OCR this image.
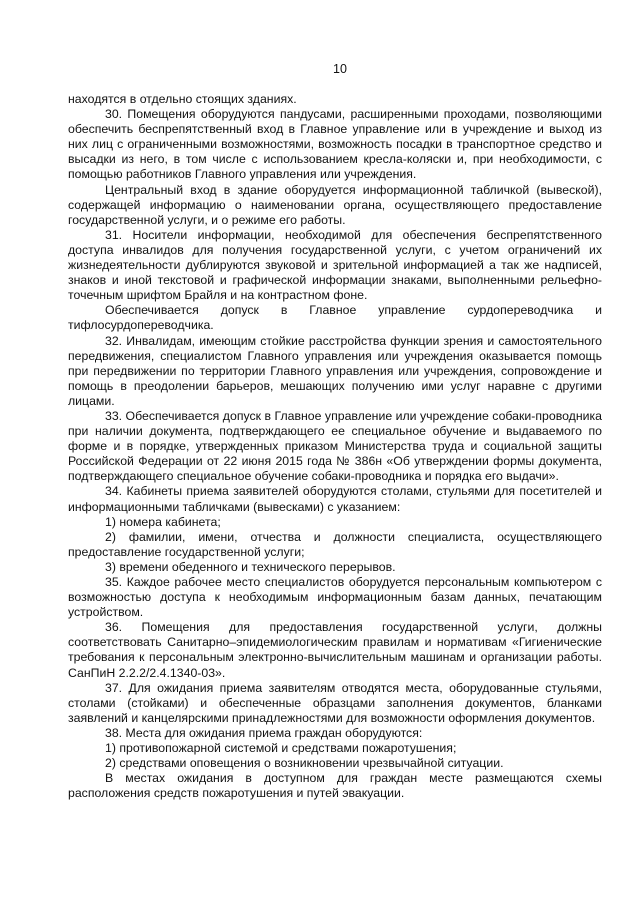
10

находятся в отдельно стоящих зданиях.

30. Помещения оборудуются пандусами, расширенными проходами, позволяющими обеспечить беспрепятственный вход в Главное управление или в учреждение и выход из них лиц с ограниченными возможностями, возможность посадки в транспортное средство и высадки из него, в том числе с использованием кресла-коляски и, при необходимости, с помощью работников Главного управления или учреждения.

Центральный вход в здание оборудуется информационной табличкой (вывеской), содержащей информацию о наименовании органа, осуществляющего предоставление государственной услуги, и о режиме его работы.

31. Носители информации, необходимой для обеспечения беспрепятственного доступа инвалидов для получения государственной услуги, с учетом ограничений их жизнедеятельности дублируются звуковой и зрительной информацией а так же надписей, знаков и иной текстовой и графической информации знаками, выполненными рельефно-точечным шрифтом Брайля и на контрастном фоне.

Обеспечивается допуск в Главное управление сурдопереводчика и тифлосурдопереводчика.

32. Инвалидам, имеющим стойкие расстройства функции зрения и самостоятельного передвижения, специалистом Главного управления или учреждения оказывается помощь при передвижении по территории Главного управления или учреждения, сопровождение и помощь в преодолении барьеров, мешающих получению ими услуг наравне с другими лицами.

33. Обеспечивается допуск в Главное управление или учреждение собаки-проводника при наличии документа, подтверждающего ее специальное обучение и выдаваемого по форме и в порядке, утвержденных приказом Министерства труда и социальной защиты Российской Федерации от 22 июня 2015 года № 386н «Об утверждении формы документа, подтверждающего специальное обучение собаки-проводника и порядка его выдачи».

34. Кабинеты приема заявителей оборудуются столами, стульями для посетителей и информационными табличками (вывесками) с указанием:

1) номера кабинета;

2) фамилии, имени, отчества и должности специалиста, осуществляющего предоставление государственной услуги;

3) времени обеденного и технического перерывов.

35. Каждое рабочее место специалистов оборудуется персональным компьютером с возможностью доступа к необходимым информационным базам данных, печатающим устройством.

36. Помещения для предоставления государственной услуги, должны соответствовать Санитарно–эпидемиологическим правилам и нормативам «Гигиенические требования к персональным электронно-вычислительным машинам и организации работы. СанПиН 2.2.2/2.4.1340-03».

37. Для ожидания приема заявителям отводятся места, оборудованные стульями, столами (стойками) и обеспеченные образцами заполнения документов, бланками заявлений и канцелярскими принадлежностями для возможности оформления документов.

38. Места для ожидания приема граждан оборудуются:

1) противопожарной системой и средствами пожаротушения;

2) средствами оповещения о возникновении чрезвычайной ситуации.

В местах ожидания в доступном для граждан месте размещаются схемы расположения средств пожаротушения и путей эвакуации.
